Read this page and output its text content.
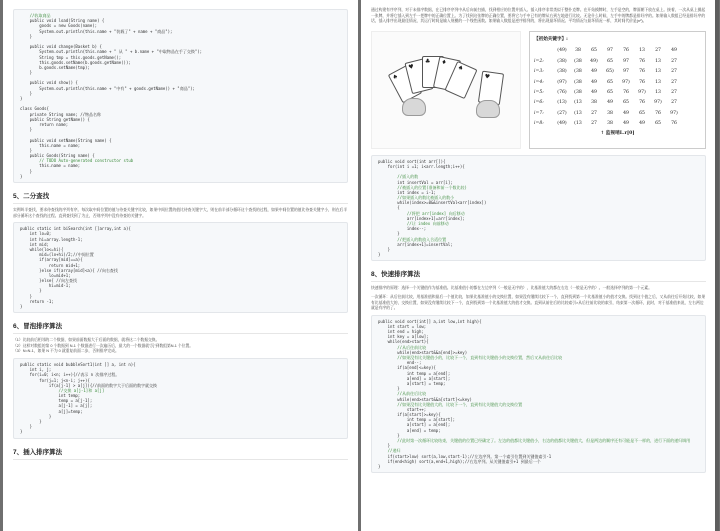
//收取商品
public void load(String name) {
goods = new Goods(name);
System.out.println(this.name + "装载了" + name + "商品");
}
public void change(Basket b) {
System.out.println(this.name + " 从 " + b.name + "中取物品在手了交换");
String tmp = this.goods.getName();
this.goods.setName(b.goods.getName());
b.goods.setName(tmp);
}
public void show() {
System.out.println(this.name + "中有" + goods.getName() + "商品");
}
}
class Goods{
private String name; //物品名称
public String getName() {
return name;
}
public void setName(String name) {
this.name = name;
}
public Goods(String name) {
// TODO Auto-generated constructor stub
this.name = name;
}
}
5、二分查找
实例叫半查找，要求待查找的序列有序。每次取中间位置的值与待查关键字比较，如果中间位置的值比待查关键字大，则在前半部分循环这个查找的过程，如果中间位置的值比待查关键字小，则在后半部分循环这个查找的过程。直到查找到了为止，否则序列中没有待查的关键字。
public static int biSearch(int []array,int a){
int lo=0;
int hi=array.length-1;
int mid;
while(lo<=hi){
mid=(lo+hi)/2;//中间位置
if(array[mid]==a){
return mid+1;
}else if(array[mid]<a){ //向右查找
lo=mid+1;
}else{ //向左查找
hi=mid-1;
}
}
return -1;
}
6、冒泡排序算法
（1）比较前后相邻的二个数据，如果前面数据大于后面的数据，就将这二个数据交换。
（2）这样对数组的第 0 个数据到 N-1 个数据进行一次遍历后，最大的一个数据就"沉"到数组第N-1 个位置。
（3）N=N-1，如果 N 不为 0 就重复前面二步，否则排序完成。
public static void bubbleSort1(int [] a, int n){
int i, j;
for(i=0; i<n; i++){//表示 n 次排序过程。
for(j=1; j<n-i; j++){
if(a[j-1] > a[j]){//前面的数字大于后面的数字就交换
//交换 a[j-1]和 a[j]
int temp;
temp = a[j-1];
a[j-1] = a[j];
a[j]=temp;
}
}
}
}
7、插入排序算法
通过构建有序序列，对于未排序数据，在已排序序列中从后向前扫描，找到相应的位置并插入。插入排序非常类似于整扑克牌。在开始摸牌时，左手是空的，牌面朝下放在桌上。接着，一次从桌上摸起一张牌，并将它插入到左手一把牌中的正确位置上。为了找到这张牌的正确位置，要将它与手中已有的牌从右到左地进行比较。无论什么时候，左手中的牌都是排好序的。如果输入数组已经是排好序的话，插入排序出现最佳情况，其运行时间是输入规模的一个线性函数。如果输入数组是逆序排列的，将出现最坏情况。平均情况与最坏情况一样，其时间代价是(n²)。
♠
♥
♣	♦
♠
♥
【初始关键字】:
(49)	38	65	97	76	13	27	49
i=2:	(38)	(38	49)	65	97	76	13	27
i=3:	(38)	(38	49	65)	97	76	13	27
i=4:	(97)	(38	49	65	97)	76	13	27
i=5:	(76)	(38	49	65	76	97)	13	27
i=6:	(13)	(13	38	49	65	76	97)	27
i=7:	(27)	(13	27	38	49	65	76	97)
i=8:	(49)	(13	27	38	49	49	65	76
↑ 监视哨L.r[0]
public void sort(int arr[]){
for(int i =1; i<arr.length;i++){
//插入的数
int insertVal = arr[i];
//被插入的位置(准备和前一个数比较)
int index = i-1;
//如果插入的数比被插入的数小
while(index>=0&&insertVal<arr[index])
{
//将把 arr[index] 向后移动
arr[index+1]=arr[index];
//让 index 向前移动
index--;
}
//把插入的数放入合适位置
arr[index+1]=insertVal;
}
}
8、快速排序算法
快速排序的原理：选择一个关键值作为基准值。比基准值小的都在左边序列（一般是无序的），比基准值大的都在右边（一般是无序的）。一般选择序列的第一个元素。
一次循环：从后往前比较，用基准值和最后一个值比较，如果比基准值小的交换位置，如果没有继续比较下一个，直到找到第一个比基准值小的值才交换。找到这个值之后，又从前往后开始比较，如果有比基准值大的，交换位置，如果没有继续比较下一个，直到找到第一个比基准值大的值才交换。直到从前往后的比较索引>从后往前比较的索引，结束第一次循环，此时，对于基准值来说，左右两边就是有序的了。
public void sort(int[] a,int low,int high){
int start = low;
int end = high;
int key = a[low];
while(end>start){
//从后往前比较
while(end>start&&a[end]>=key)
//如果没有比关键值小的，比较下一个，直到有比关键值小的交换位置，然后又从前往后比较
end--;
if(a[end]<=key){
int temp = a[end];
a[end] = a[start];
a[start] = temp;
}
//从前往后比较
while(end>start&&a[start]<=key)
//如果没有比关键值大的，比较下一个，直到有比关键值大的交换位置
start++;
if(a[start]>=key){
int temp = a[start];
a[start] = a[end];
a[end] = temp;
}
//此时第一次循环比较结束，关键值的位置已经确定了。左边的值都比关键值小，右边的值都比关键值大，但是两边的顺序还有可能是不一样的，进行下面的递归调用
}
//递归
if(start>low) sort(a,low,start-1);//左边序列。第一个索引位置到关键值索引-1
if(end<high) sort(a,end+1,high);//右边序列。从关键值索引+1 到最后一个
}
